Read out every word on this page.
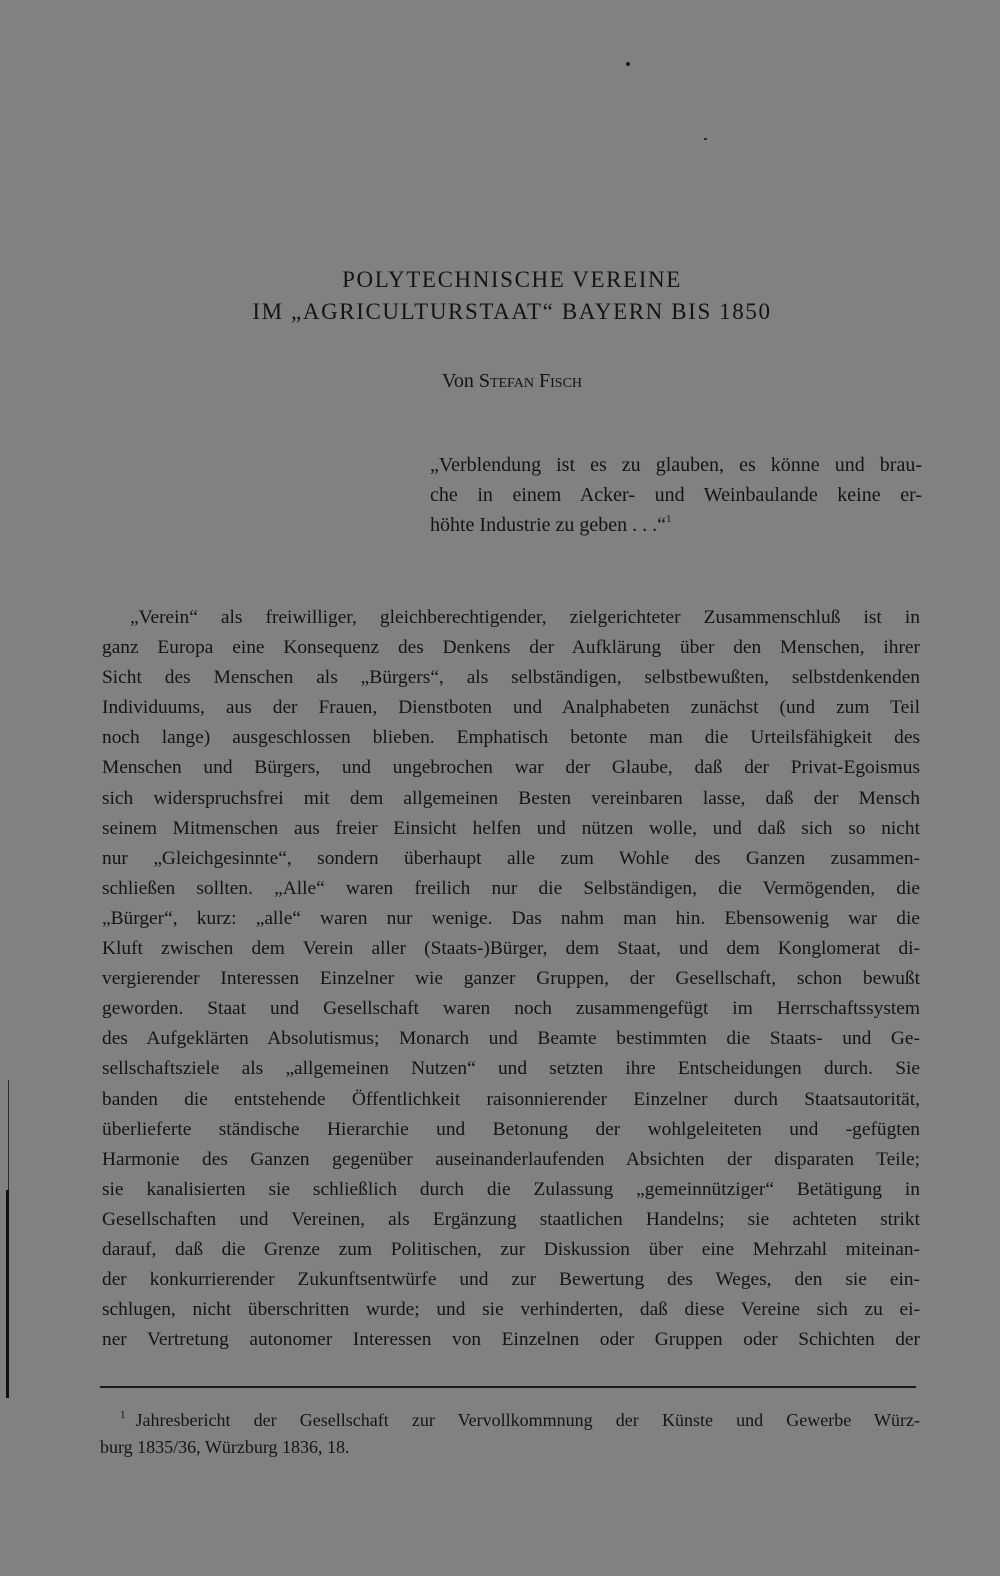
POLYTECHNISCHE VEREINE
IM „AGRICULTURSTAAT“ BAYERN BIS 1850
Von Stefan Fisch
„Verblendung ist es zu glauben, es könne und brau-
che in einem Acker- und Weinbaulande keine er-
höhte Industrie zu geben . . .“$^1$
„Verein“ als freiwilliger, gleichberechtigender, zielgerichteter Zusammenschluß ist in
ganz Europa eine Konsequenz des Denkens der Aufklärung über den Menschen, ihrer
Sicht des Menschen als „Bürgers“, als selbständigen, selbstbewußten, selbstdenkenden
Individuums, aus der Frauen, Dienstboten und Analphabeten zunächst (und zum Teil
noch lange) ausgeschlossen blieben. Emphatisch betonte man die Urteilsfähigkeit des
Menschen und Bürgers, und ungebrochen war der Glaube, daß der Privat-Egoismus
sich widerspruchsfrei mit dem allgemeinen Besten vereinbaren lasse, daß der Mensch
seinem Mitmenschen aus freier Einsicht helfen und nützen wolle, und daß sich so nicht
nur „Gleichgesinnte“, sondern überhaupt alle zum Wohle des Ganzen zusammen-
schließen sollten. „Alle“ waren freilich nur die Selbständigen, die Vermögenden, die
„Bürger“, kurz: „alle“ waren nur wenige. Das nahm man hin. Ebensowenig war die
Kluft zwischen dem Verein aller (Staats-)Bürger, dem Staat, und dem Konglomerat di-
vergierender Interessen Einzelner wie ganzer Gruppen, der Gesellschaft, schon bewußt
geworden. Staat und Gesellschaft waren noch zusammengefügt im Herrschaftssystem
des Aufgeklärten Absolutismus; Monarch und Beamte bestimmten die Staats- und Ge-
sellschaftsziele als „allgemeinen Nutzen“ und setzten ihre Entscheidungen durch. Sie
banden die entstehende Öffentlichkeit raisonnierender Einzelner durch Staatsautorität,
überlieferte ständische Hierarchie und Betonung der wohlgeleiteten und -gefügten
Harmonie des Ganzen gegenüber auseinanderlaufenden Absichten der disparaten Teile;
sie kanalisierten sie schließlich durch die Zulassung „gemeinnütziger“ Betätigung in
Gesellschaften und Vereinen, als Ergänzung staatlichen Handelns; sie achteten strikt
darauf, daß die Grenze zum Politischen, zur Diskussion über eine Mehrzahl miteinan-
der konkurrierender Zukunftsentwürfe und zur Bewertung des Weges, den sie ein-
schlugen, nicht überschritten wurde; und sie verhinderten, daß diese Vereine sich zu ei-
ner Vertretung autonomer Interessen von Einzelnen oder Gruppen oder Schichten der
$^1$ Jahresbericht der Gesellschaft zur Vervollkommnung der Künste und Gewerbe Würz-
burg 1835/36, Würzburg 1836, 18.
